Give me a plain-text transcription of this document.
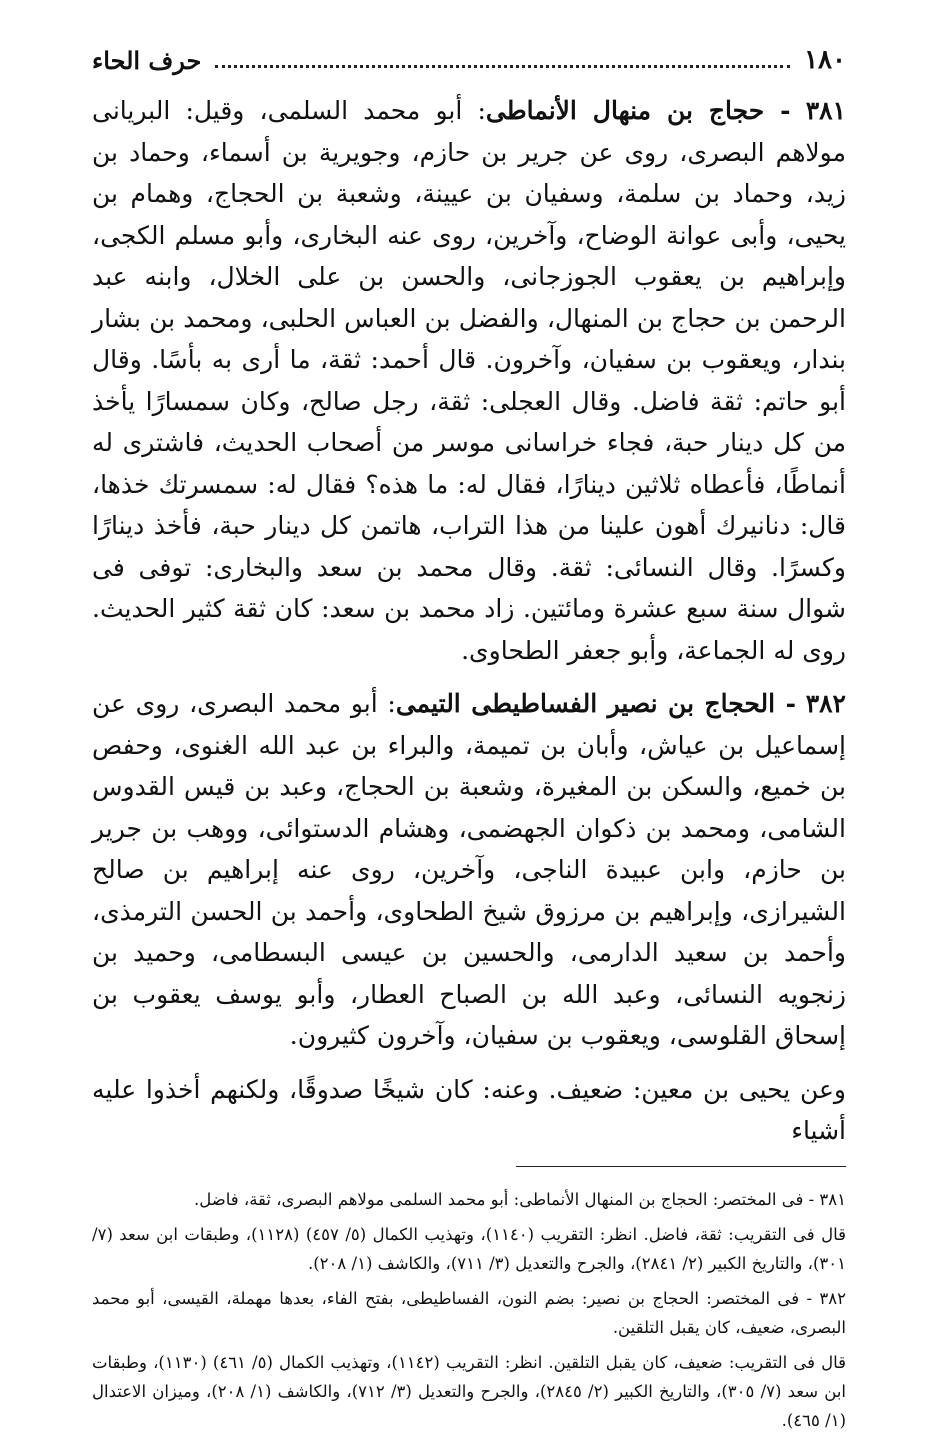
١٨٠
حرف الحاء

٣٨١ - حجاج بن منهال الأنماطى: أبو محمد السلمى، وقيل: البريانى مولاهم البصرى، روى عن جرير بن حازم، وجويرية بن أسماء، وحماد بن زيد، وحماد بن سلمة، وسفيان بن عيينة، وشعبة بن الحجاج، وهمام بن يحيى، وأبى عوانة الوضاح، وآخرين، روى عنه البخارى، وأبو مسلم الكجى، وإبراهيم بن يعقوب الجوزجانى، والحسن بن على الخلال، وابنه عبد الرحمن بن حجاج بن المنهال، والفضل بن العباس الحلبى، ومحمد بن بشار بندار، ويعقوب بن سفيان، وآخرون. قال أحمد: ثقة، ما أرى به بأسًا. وقال أبو حاتم: ثقة فاضل. وقال العجلى: ثقة، رجل صالح، وكان سمسارًا يأخذ من كل دينار حبة، فجاء خراسانى موسر من أصحاب الحديث، فاشترى له أنماطًا، فأعطاه ثلاثين دينارًا، فقال له: ما هذه؟ فقال له: سمسرتك خذها، قال: دنانيرك أهون علينا من هذا التراب، هاتمن كل دينار حبة، فأخذ دينارًا وكسرًا. وقال النسائى: ثقة. وقال محمد بن سعد والبخارى: توفى فى شوال سنة سبع عشرة ومائتين. زاد محمد بن سعد: كان ثقة كثير الحديث. روى له الجماعة، وأبو جعفر الطحاوى.

٣٨٢ - الحجاج بن نصير الفساطيطى التيمى: أبو محمد البصرى، روى عن إسماعيل بن عياش، وأبان بن تميمة، والبراء بن عبد الله الغنوى، وحفص بن خميع، والسكن بن المغيرة، وشعبة بن الحجاج، وعبد بن قيس القدوس الشامى، ومحمد بن ذكوان الجهضمى، وهشام الدستوائى، ووهب بن جرير بن حازم، وابن عبيدة الناجى، وآخرين، روى عنه إبراهيم بن صالح الشيرازى، وإبراهيم بن مرزوق شيخ الطحاوى، وأحمد بن الحسن الترمذى، وأحمد بن سعيد الدارمى، والحسين بن عيسى البسطامى، وحميد بن زنجويه النسائى، وعبد الله بن الصباح العطار، وأبو يوسف يعقوب بن إسحاق القلوسى، ويعقوب بن سفيان، وآخرون كثيرون.

وعن يحيى بن معين: ضعيف. وعنه: كان شيخًا صدوقًا، ولكنهم أخذوا عليه أشياء

٣٨١ - فى المختصر: الحجاج بن المنهال الأنماطى: أبو محمد السلمى مولاهم البصرى، ثقة، فاضل.

قال فى التقريب: ثقة، فاضل. انظر: التقريب (١١٤٠)، وتهذيب الكمال (٥/ ٤٥٧) (١١٢٨)، وطبقات ابن سعد (٧/ ٣٠١)، والتاريخ الكبير (٢/ ٢٨٤١)، والجرح والتعديل (٣/ ٧١١)، والكاشف (١/ ٢٠٨).

٣٨٢ - فى المختصر: الحجاج بن نصير: بضم النون، الفساطيطى، بفتح الفاء، بعدها مهملة، القيسى، أبو محمد البصرى، ضعيف، كان يقبل التلقين.

قال فى التقريب: ضعيف، كان يقبل التلقين. انظر: التقريب (١١٤٢)، وتهذيب الكمال (٥/ ٤٦١) (١١٣٠)، وطبقات ابن سعد (٧/ ٣٠٥)، والتاريخ الكبير (٢/ ٢٨٤٥)، والجرح والتعديل (٣/ ٧١٢)، والكاشف (١/ ٢٠٨)، وميزان الاعتدال (١/ ٤٦٥).
